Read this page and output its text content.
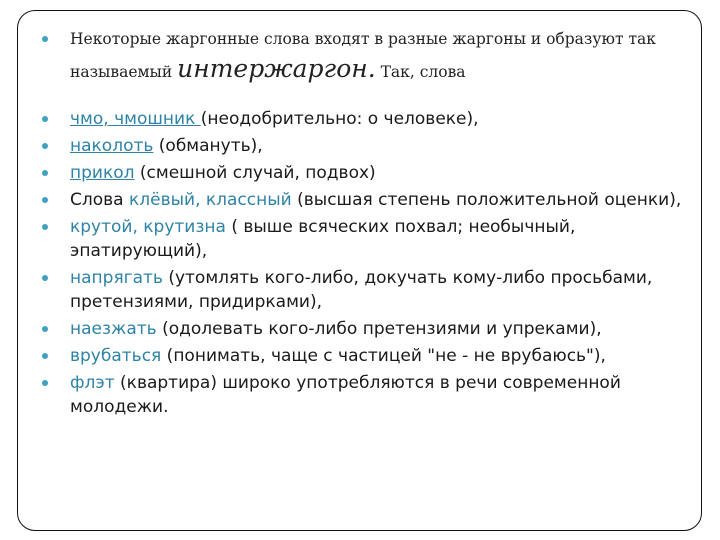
Некоторые жаргонные слова входят в разные жаргоны и образуют так
называемый интержаргон. Так, слова
чмо, чмошник (неодобрительно: о человеке),
наколоть (обмануть),
прикол (смешной случай, подвох)
Слова клёвый, классный (высшая степень положительной оценки),
крутой, крутизна ( выше всяческих похвал; необычный, эпатирующий),
напрягать (утомлять кого-либо, докучать кому-либо просьбами, претензиями, придирками),
наезжать (одолевать кого-либо претензиями и упреками),
врубаться (понимать, чаще с частицей "не - не врубаюсь"),
флэт (квартира) широко употребляются в речи современной молодежи.
